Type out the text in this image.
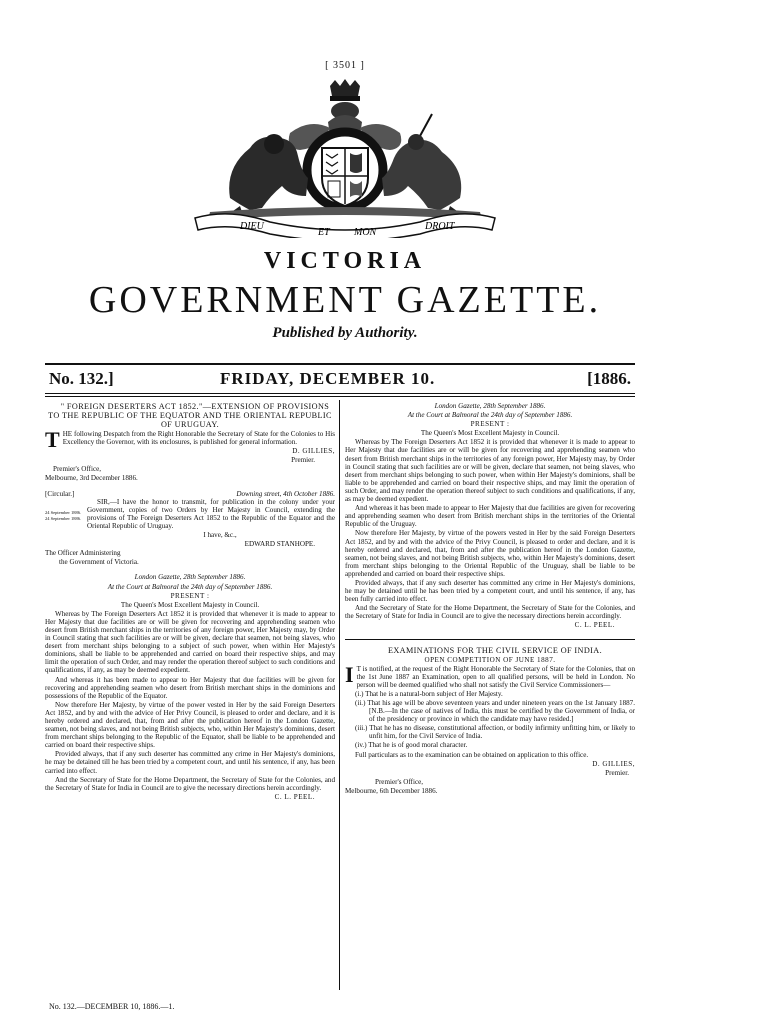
[ 3501 ]
DIEU
ET MON
DROIT
VICTORIA
GOVERNMENT GAZETTE.
Published by Authority.
No. 132.]	FRIDAY, DECEMBER 10.	[1886.

" FOREIGN DESERTERS ACT 1852."—EXTENSION OF PROVISIONS TO THE REPUBLIC OF THE EQUATOR AND THE ORIENTAL REPUBLIC OF URUGUAY.

THE following Despatch from the Right Honorable the Secretary of State for the Colonies to His Excellency the Governor, with its enclosures, is published for general information.

D. GILLIES,

Premier.

Premier's Office,

Melbourne, 3rd December 1886.

[Circular.]	Downing street, 4th October 1886.
24 September 1886.
24 September 1886.

SIR,—I have the honor to transmit, for publication in the colony under your Government, copies of two Orders by Her Majesty in Council, extending the provisions of The Foreign Deserters Act 1852 to the Republic of the Equator and the Oriental Republic of Uruguay.

I have, &c.,

EDWARD STANHOPE.

The Officer Administering

the Government of Victoria.

London Gazette, 28th September 1886.

At the Court at Balmoral the 24th day of September 1886.

PRESENT :

The Queen's Most Excellent Majesty in Council.

Whereas by The Foreign Deserters Act 1852 it is provided that whenever it is made to appear to Her Majesty that due facilities are or will be given for recovering and apprehending seamen who desert from British merchant ships in the territories of any foreign power, Her Majesty may, by Order in Council stating that such facilities are or will be given, declare that seamen, not being slaves, who desert from merchant ships belonging to a subject of such power, when within Her Majesty's dominions, shall be liable to be apprehended and carried on board their respective ships, and may limit the operation of such Order, and may render the operation thereof subject to such conditions and qualifications, if any, as may be deemed expedient.

And whereas it has been made to appear to Her Majesty that due facilities will be given for recovering and apprehending seamen who desert from British merchant ships in the dominions and possessions of the Republic of the Equator.

Now therefore Her Majesty, by virtue of the power vested in Her by the said Foreign Deserters Act 1852, and by and with the advice of Her Privy Council, is pleased to order and declare, and it is hereby ordered and declared, that, from and after the publication hereof in the London Gazette, seamen, not being slaves, and not being British subjects, who, within Her Majesty's dominions, desert from merchant ships belonging to the Republic of the Equator, shall be liable to be apprehended and carried on board their respective ships.

Provided always, that if any such deserter has committed any crime in Her Majesty's dominions, he may be detained till he has been tried by a competent court, and until his sentence, if any, has been carried into effect.

And the Secretary of State for the Home Department, the Secretary of State for the Colonies, and the Secretary of State for India in Council are to give the necessary directions herein accordingly.

C. L. PEEL.

London Gazette, 28th September 1886.

At the Court at Balmoral the 24th day of September 1886.

PRESENT :

The Queen's Most Excellent Majesty in Council.

Whereas by The Foreign Deserters Act 1852 it is provided that whenever it is made to appear to Her Majesty that due facilities are or will be given for recovering and apprehending seamen who desert from British merchant ships in the territories of any foreign power, Her Majesty may, by Order in Council stating that such facilities are or will be given, declare that seamen, not being slaves, who desert from merchant ships belonging to such power, when within Her Majesty's dominions, shall be liable to be apprehended and carried on board their respective ships, and may limit the operation of such Order, and may render the operation thereof subject to such conditions and qualifications, if any, as may be deemed expedient.

And whereas it has been made to appear to Her Majesty that due facilities are given for recovering and apprehending seamen who desert from British merchant ships in the territories of the Oriental Republic of the Uruguay.

Now therefore Her Majesty, by virtue of the powers vested in Her by the said Foreign Deserters Act 1852, and by and with the advice of the Privy Council, is pleased to order and declare, and it is hereby ordered and declared, that, from and after the publication hereof in the London Gazette, seamen, not being slaves, and not being British subjects, who, within Her Majesty's dominions, desert from merchant ships belonging to the Oriental Republic of the Uruguay, shall be liable to be apprehended and carried on board their respective ships.

Provided always, that if any such deserter has committed any crime in Her Majesty's dominions, he may be detained until he has been tried by a competent court, and until his sentence, if any, has been fully carried into effect.

And the Secretary of State for the Home Department, the Secretary of State for the Colonies, and the Secretary of State for India in Council are to give the necessary directions herein accordingly.

C. L. PEEL.

EXAMINATIONS FOR THE CIVIL SERVICE OF INDIA.

OPEN COMPETITION OF JUNE 1887.

I T is notified, at the request of the Right Honorable the Secretary of State for the Colonies, that on the 1st June 1887 an Examination, open to all qualified persons, will be held in London. No person will be deemed qualified who shall not satisfy the Civil Service Commissioners—

(i.) That he is a natural-born subject of Her Majesty.

(ii.) That his age will be above seventeen years and under nineteen years on the 1st January 1887. [N.B.—In the case of natives of India, this must be certified by the Government of India, or of the presidency or province in which the candidate may have resided.]

(iii.) That he has no disease, constitutional affection, or bodily infirmity unfitting him, or likely to unfit him, for the Civil Service of India.

(iv.) That he is of good moral character.

Full particulars as to the examination can be obtained on application to this office.

D. GILLIES,

Premier.

Premier's Office,

Melbourne, 6th December 1886.

No. 132.—DECEMBER 10, 1886.—1.
